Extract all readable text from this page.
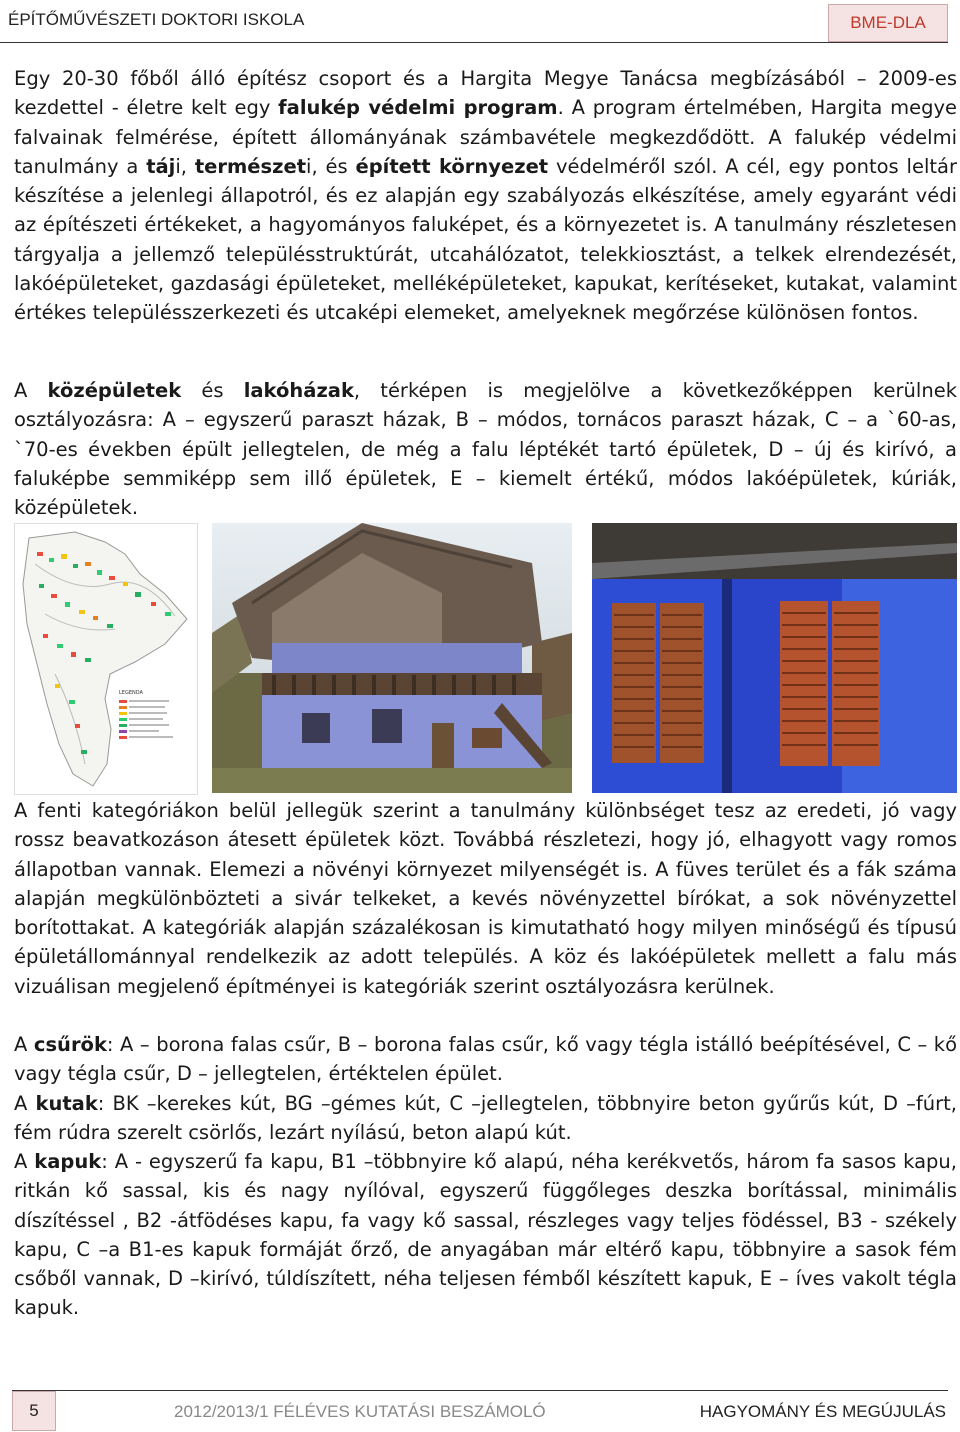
ÉPÍTŐMŰVÉSZETI DOKTORI ISKOLA	BME-DLA

Egy 20-30 főből álló építész csoport és a Hargita Megye Tanácsa megbízásából – 2009-es kezdettel - életre kelt egy falukép védelmi program. A program értelmében, Hargita megye falvainak felmérése, épített állományának számbavétele megkezdődött. A falukép védelmi tanulmány a táji, természeti, és épített környezet védelméről szól. A cél, egy pontos leltár készítése a jelenlegi állapotról, és ez alapján egy szabályozás elkészítése, amely egyaránt védi az építészeti értékeket, a hagyományos faluképet, és a környezetet is. A tanulmány részletesen tárgyalja a jellemző településstruktúrát, utcahálózatot, telekkiosztást, a telkek elrendezését, lakóépületeket, gazdasági épületeket, melléképületeket, kapukat, kerítéseket, kutakat, valamint értékes településszerkezeti és utcaképi elemeket, amelyeknek megőrzése különösen fontos.

A középületek és lakóházak, térképen is megjelölve a következőképpen kerülnek osztályozásra: A – egyszerű paraszt házak, B – módos, tornácos paraszt házak, C – a `60-as, `70-es években épült jellegtelen, de még a falu léptékét tartó épületek, D – új és kirívó, a faluképbe semmiképp sem illő épületek, E – kiemelt értékű, módos lakóépületek, kúriák, középületek.

LEGENDA

A fenti kategóriákon belül jellegük szerint a tanulmány különbséget tesz az eredeti, jó vagy rossz beavatkozáson átesett épületek közt. Továbbá részletezi, hogy jó, elhagyott vagy romos állapotban vannak. Elemezi a növényi környezet milyenségét is. A füves terület és a fák száma alapján megkülönbözteti a sivár telkeket, a kevés növényzettel bírókat, a sok növényzettel borítottakat. A kategóriák alapján százalékosan is kimutatható hogy milyen minőségű és típusú épületállománnyal rendelkezik az adott település. A köz és lakóépületek mellett a falu más vizuálisan megjelenő építményei is kategóriák szerint osztályozásra kerülnek.

A csűrök: A – borona falas csűr, B – borona falas csűr, kő vagy tégla istálló beépítésével, C – kő vagy tégla csűr, D – jellegtelen, értéktelen épület.

A kutak: BK –kerekes kút, BG –gémes kút, C –jellegtelen, többnyire beton gyűrűs kút, D –fúrt, fém rúdra szerelt csörlős, lezárt nyílású, beton alapú kút.

A kapuk: A - egyszerű fa kapu, B1 –többnyire kő alapú, néha kerékvetős, három fa sasos kapu, ritkán kő sassal, kis és nagy nyílóval, egyszerű függőleges deszka borítással, minimális díszítéssel , B2 -átfödéses kapu, fa vagy kő sassal, részleges vagy teljes födéssel, B3 - székely kapu, C –a B1-es kapuk formáját őrző, de anyagában már eltérő kapu, többnyire a sasok fém csőből vannak, D –kirívó, túldíszített, néha teljesen fémből készített kapuk, E – íves vakolt tégla kapuk.

5	2012/2013/1 FÉLÉVES KUTATÁSI BESZÁMOLÓ	HAGYOMÁNY ÉS MEGÚJULÁS
